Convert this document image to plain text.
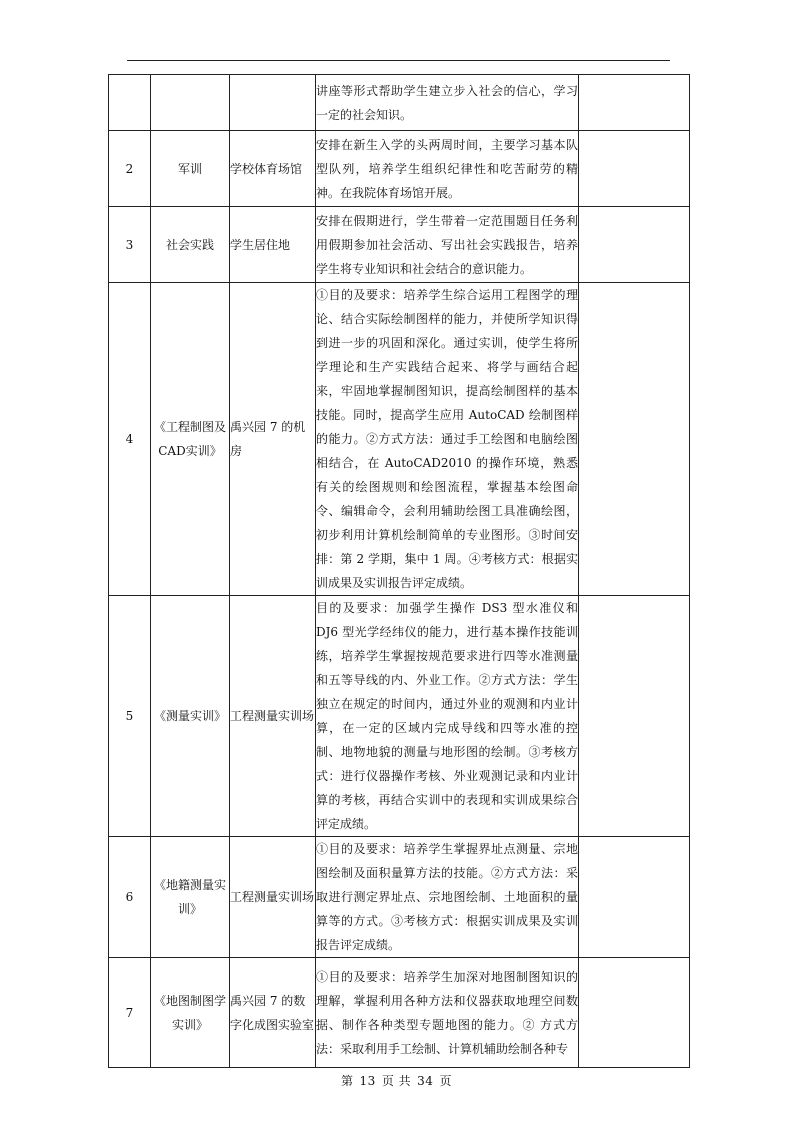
			讲座等形式帮助学生建立步入社会的信心，学习一定的社会知识。	
2	军训	学校体育场馆	安排在新生入学的头两周时间，主要学习基本队型队列，培养学生组织纪律性和吃苦耐劳的精神。在我院体育场馆开展。	
3	社会实践	学生居住地	安排在假期进行，学生带着一定范围题目任务利用假期参加社会活动、写出社会实践报告，培养学生将专业知识和社会结合的意识能力。	
4	《工程制图及CAD实训》	禹兴园 7 的机房	①目的及要求：培养学生综合运用工程图学的理论、结合实际绘制图样的能力，并使所学知识得到进一步的巩固和深化。通过实训，使学生将所学理论和生产实践结合起来、将学与画结合起来，牢固地掌握制图知识，提高绘制图样的基本技能。同时，提高学生应用 AutoCAD 绘制图样的能力。②方式方法：通过手工绘图和电脑绘图相结合，在 AutoCAD2010 的操作环境，熟悉有关的绘图规则和绘图流程，掌握基本绘图命令、编辑命令，会利用辅助绘图工具准确绘图，初步利用计算机绘制简单的专业图形。③时间安排：第 2 学期，集中 1 周。④考核方式：根据实训成果及实训报告评定成绩。	
5	《测量实训》	工程测量实训场	目的及要求：加强学生操作 DS3 型水准仪和 DJ6 型光学经纬仪的能力，进行基本操作技能训练，培养学生掌握按规范要求进行四等水准测量和五等导线的内、外业工作。②方式方法：学生独立在规定的时间内，通过外业的观测和内业计算，在一定的区域内完成导线和四等水准的控制、地物地貌的测量与地形图的绘制。③考核方式：进行仪器操作考核、外业观测记录和内业计算的考核，再结合实训中的表现和实训成果综合评定成绩。	
6	《地籍测量实训》	工程测量实训场	①目的及要求：培养学生掌握界址点测量、宗地图绘制及面积量算方法的技能。②方式方法：采取进行测定界址点、宗地图绘制、土地面积的量算等的方式。③考核方式：根据实训成果及实训报告评定成绩。	
7	《地图制图学实训》	禹兴园 7 的数字化成图实验室	①目的及要求：培养学生加深对地图制图知识的理解，掌握利用各种方法和仪器获取地理空间数据、制作各种类型专题地图的能力。② 方式方法：采取利用手工绘制、计算机辅助绘制各种专	
第 13 页 共 34 页
